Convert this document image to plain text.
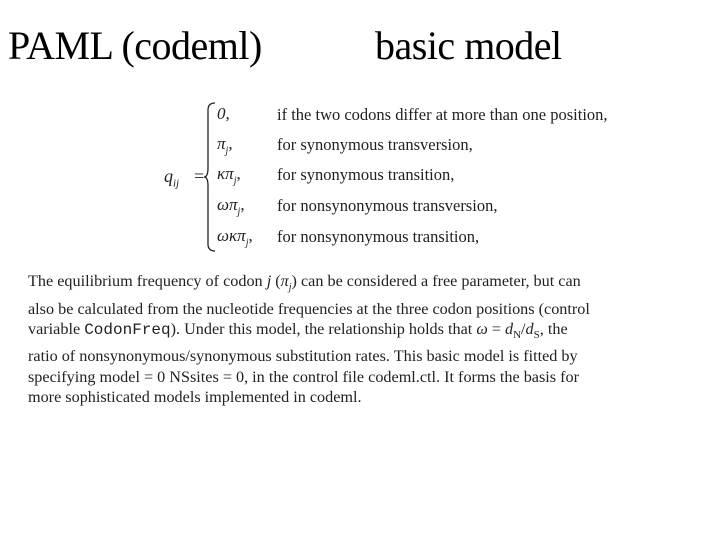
PAML (codeml)	basic model
$q_{ij}$ =
0,	if the two codons differ at more than one position,
$\pi_j$,	for synonymous transversion,
$\kappa\pi_j$, for synonymous transition,
$\omega\pi_j$, for nonsynonymous transversion,
ωκπ$_j$, for nonsynonymous transition,
The equilibrium frequency of codon j $(\pi_j)$ can be considered a free parameter, but can
also be calculated from the nucleotide frequencies at the three codon positions (control
variable CodonFreq). Under this model, the relationship holds that $\omega = d_N/d_S$, the
ratio of nonsynonymous/synonymous substitution rates. This basic model is fitted by
specifying model = 0 NSsites = 0, in the control file codeml.ctl. It forms the basis for
more sophisticated models implemented in codeml.
